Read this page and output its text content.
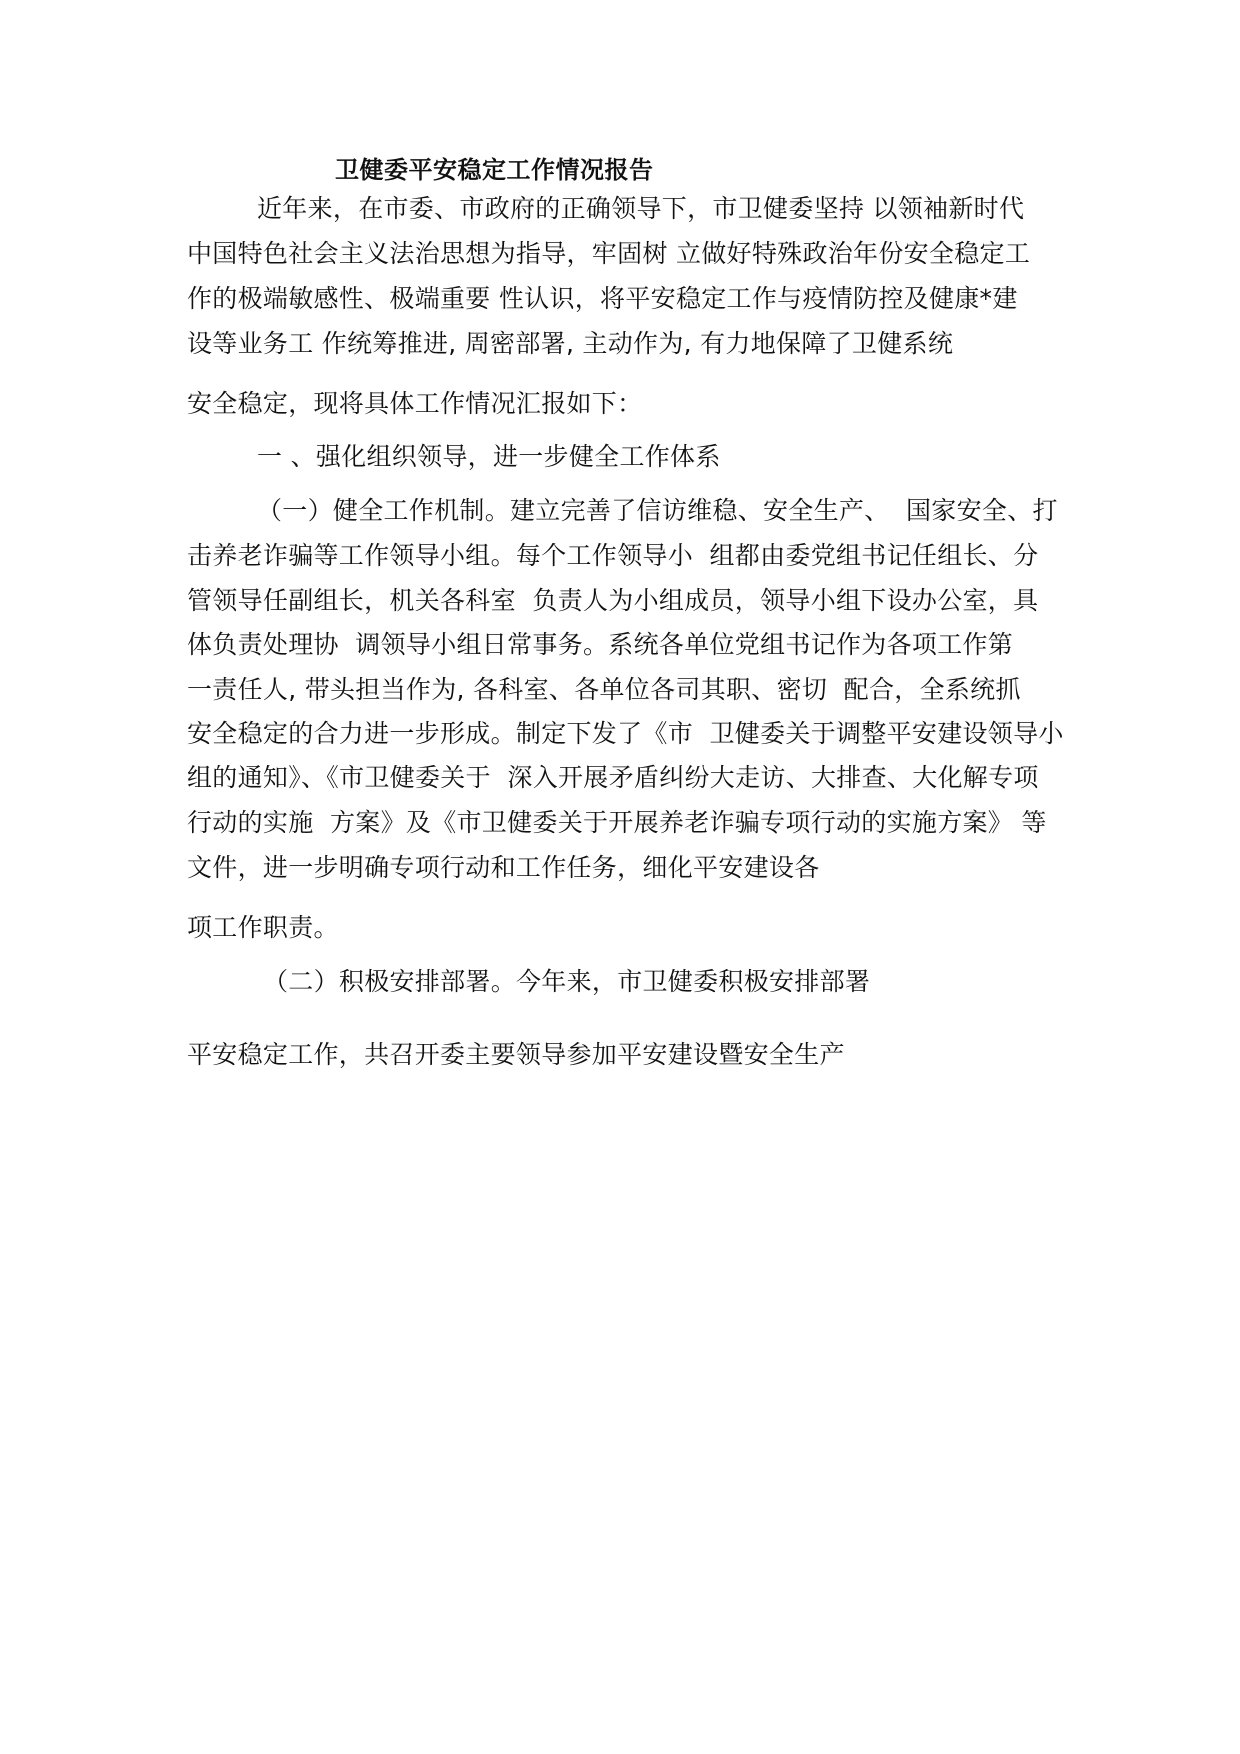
卫健委平安稳定工作情况报告
近年来，在市委、市政府的正确领导下，市卫健委坚持 以领袖新时代
中国特色社会主义法治思想为指导，牢固树 立做好特殊政治年份安全稳定工
作的极端敏感性、极端重要 性认识，将平安稳定工作与疫情防控及健康*建
设等业务工 作统筹推进, 周密部署, 主动作为, 有力地保障了卫健系统
安全稳定，现将具体工作情况汇报如下：
一 、强化组织领导，进一步健全工作体系
（一）健全工作机制。建立完善了信访维稳、安全生产、  国家安全、打
击养老诈骗等工作领导小组。每个工作领导小  组都由委党组书记任组长、分
管领导任副组长，机关各科室  负责人为小组成员，领导小组下设办公室，具
体负责处理协  调领导小组日常事务。系统各单位党组书记作为各项工作第
一责任人, 带头担当作为, 各科室、各单位各司其职、密切  配合，全系统抓
安全稳定的合力进一步形成。制定下发了《市  卫健委关于调整平安建设领导小
组的通知》、《市卫健委关于  深入开展矛盾纠纷大走访、大排查、大化解专项
行动的实施  方案》及《市卫健委关于开展养老诈骗专项行动的实施方案》 等
文件，进一步明确专项行动和工作任务，细化平安建设各
项工作职责。
（二）积极安排部署。今年来，市卫健委积极安排部署
平安稳定工作，共召开委主要领导参加平安建设暨安全生产
